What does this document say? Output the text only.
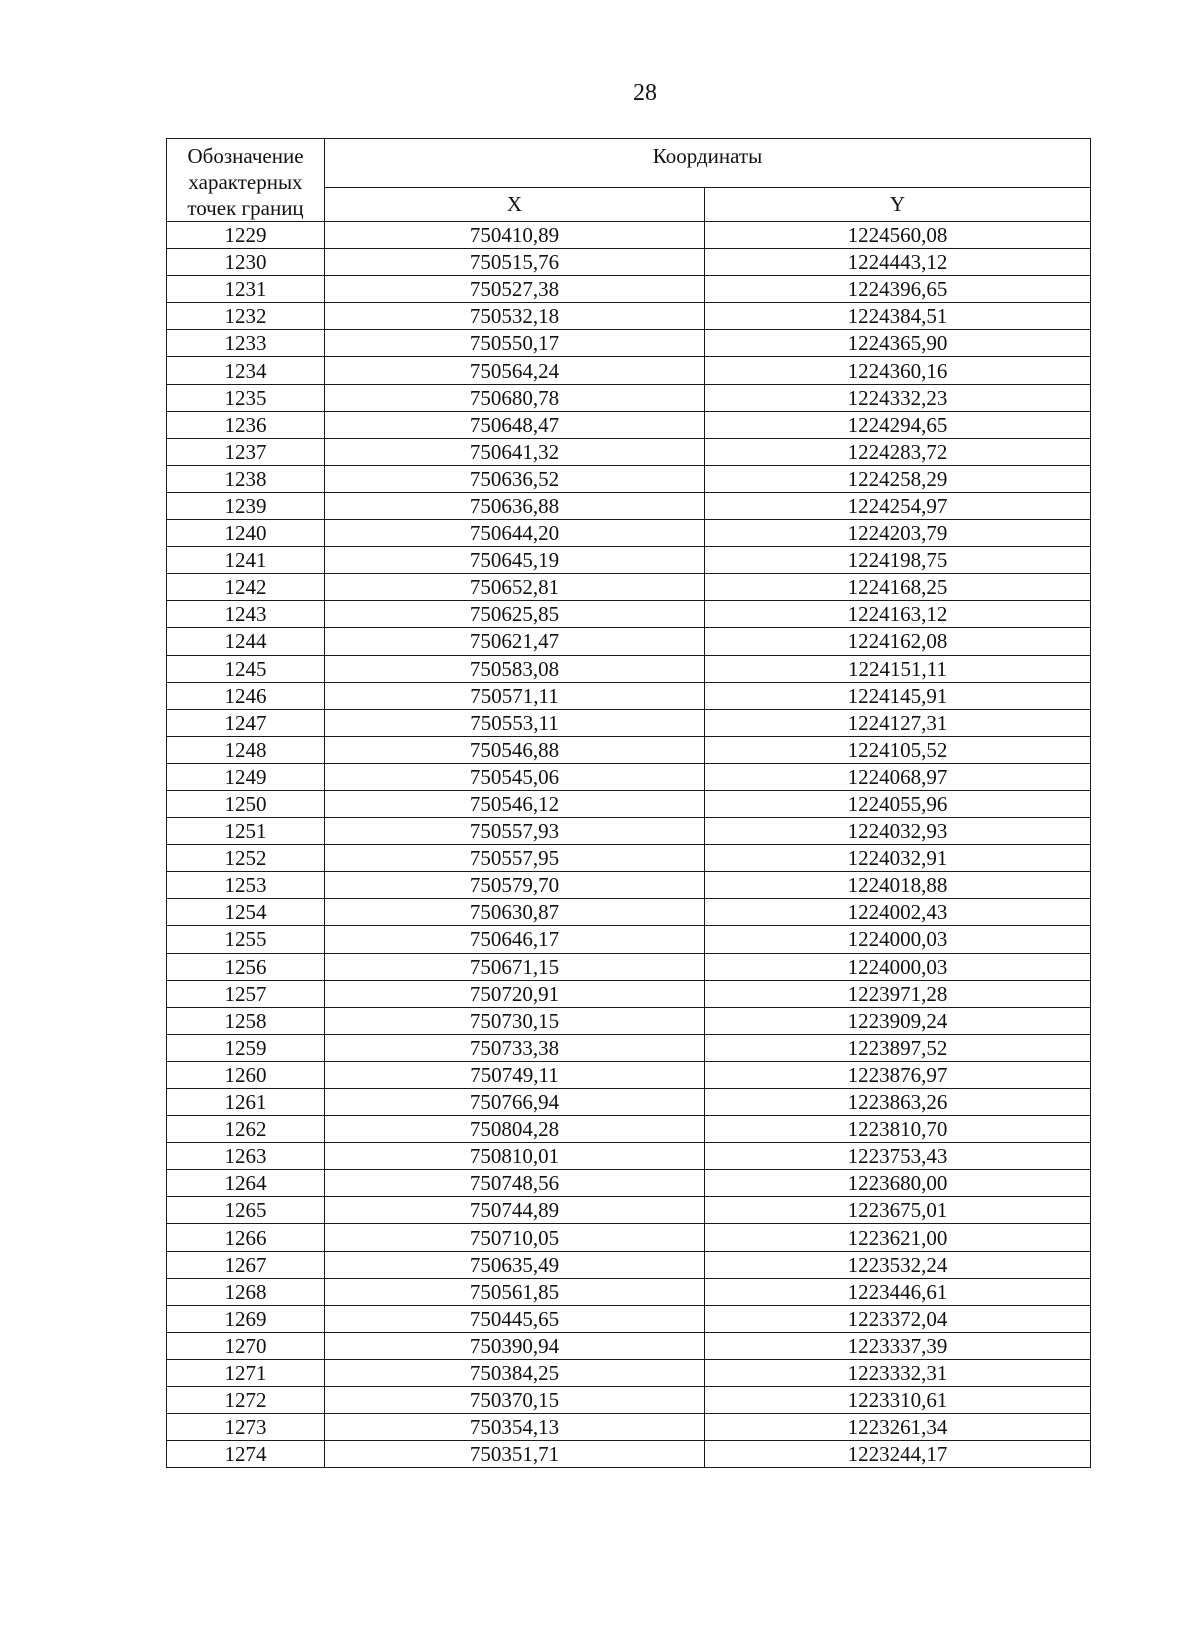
28
Обозначение характерных точек границ	Координаты	
	X	Y
1229	750410,89	1224560,08
1230	750515,76	1224443,12
1231	750527,38	1224396,65
1232	750532,18	1224384,51
1233	750550,17	1224365,90
1234	750564,24	1224360,16
1235	750680,78	1224332,23
1236	750648,47	1224294,65
1237	750641,32	1224283,72
1238	750636,52	1224258,29
1239	750636,88	1224254,97
1240	750644,20	1224203,79
1241	750645,19	1224198,75
1242	750652,81	1224168,25
1243	750625,85	1224163,12
1244	750621,47	1224162,08
1245	750583,08	1224151,11
1246	750571,11	1224145,91
1247	750553,11	1224127,31
1248	750546,88	1224105,52
1249	750545,06	1224068,97
1250	750546,12	1224055,96
1251	750557,93	1224032,93
1252	750557,95	1224032,91
1253	750579,70	1224018,88
1254	750630,87	1224002,43
1255	750646,17	1224000,03
1256	750671,15	1224000,03
1257	750720,91	1223971,28
1258	750730,15	1223909,24
1259	750733,38	1223897,52
1260	750749,11	1223876,97
1261	750766,94	1223863,26
1262	750804,28	1223810,70
1263	750810,01	1223753,43
1264	750748,56	1223680,00
1265	750744,89	1223675,01
1266	750710,05	1223621,00
1267	750635,49	1223532,24
1268	750561,85	1223446,61
1269	750445,65	1223372,04
1270	750390,94	1223337,39
1271	750384,25	1223332,31
1272	750370,15	1223310,61
1273	750354,13	1223261,34
1274	750351,71	1223244,17
